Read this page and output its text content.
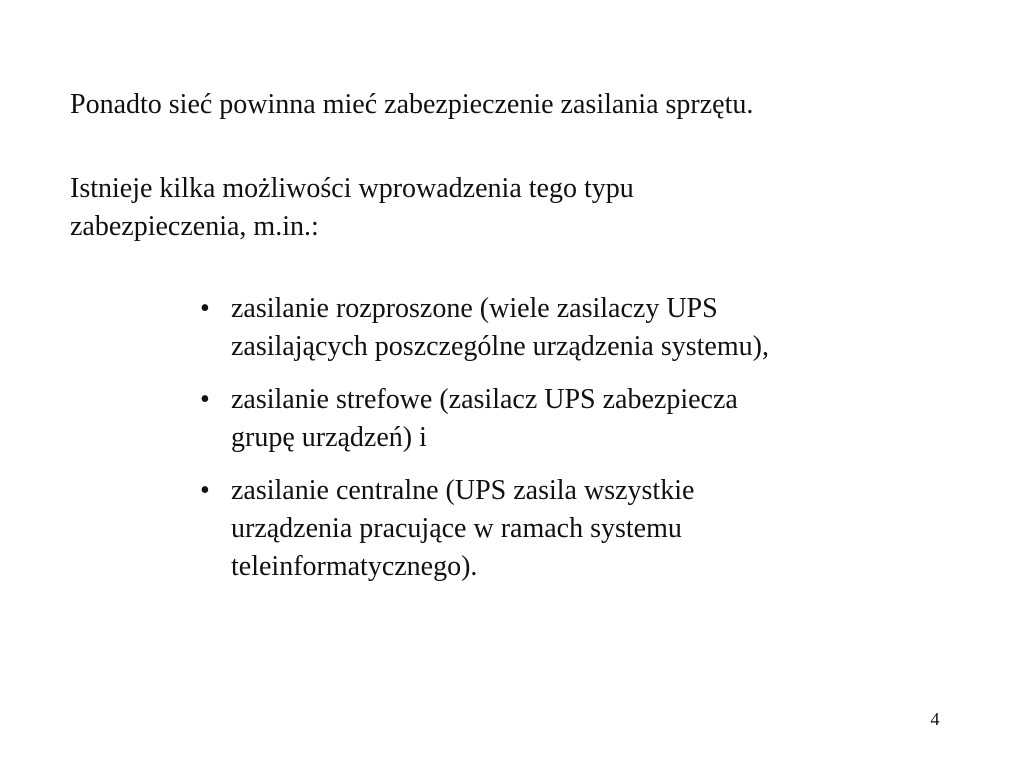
Ponadto sieć powinna mieć zabezpieczenie zasilania sprzętu.

Istnieje kilka możliwości wprowadzenia tego typu
zabezpieczenia, m.in.:

• zasilanie rozproszone (wiele zasilaczy UPS
zasilających poszczególne urządzenia systemu),
• zasilanie strefowe (zasilacz UPS zabezpiecza
grupę urządzeń) i
• zasilanie centralne (UPS zasila wszystkie
urządzenia pracujące w ramach systemu
teleinformatycznego).
4
